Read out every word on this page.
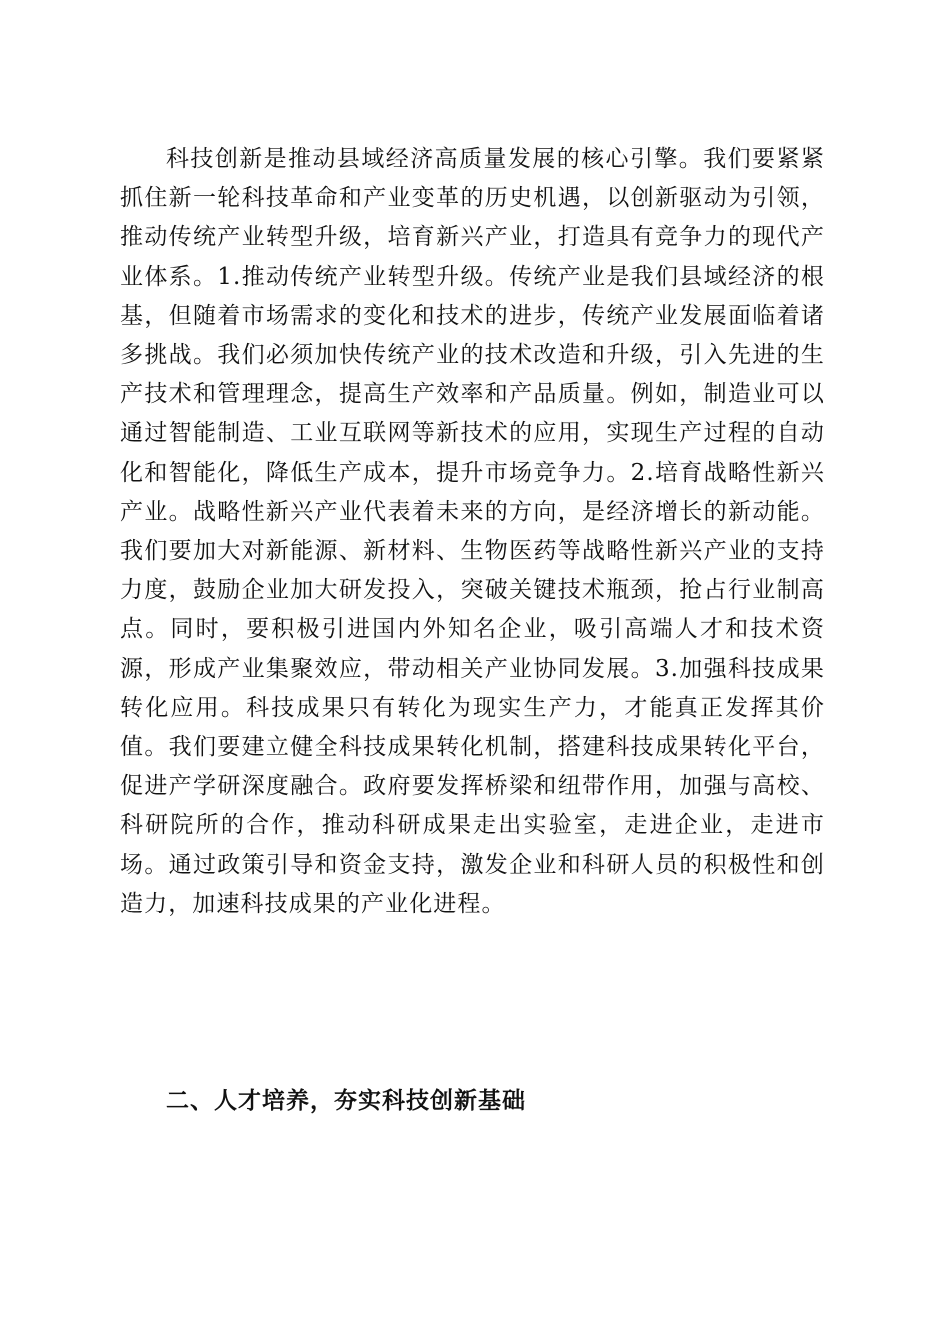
科技创新是推动县域经济高质量发展的核心引擎。我们要紧紧抓住新一轮科技革命和产业变革的历史机遇，以创新驱动为引领，推动传统产业转型升级，培育新兴产业，打造具有竞争力的现代产业体系。1.推动传统产业转型升级。传统产业是我们县域经济的根基，但随着市场需求的变化和技术的进步，传统产业发展面临着诸多挑战。我们必须加快传统产业的技术改造和升级，引入先进的生产技术和管理理念，提高生产效率和产品质量。例如，制造业可以通过智能制造、工业互联网等新技术的应用，实现生产过程的自动化和智能化，降低生产成本，提升市场竞争力。2.培育战略性新兴产业。战略性新兴产业代表着未来的方向，是经济增长的新动能。我们要加大对新能源、新材料、生物医药等战略性新兴产业的支持力度，鼓励企业加大研发投入，突破关键技术瓶颈，抢占行业制高点。同时，要积极引进国内外知名企业，吸引高端人才和技术资源，形成产业集聚效应，带动相关产业协同发展。3.加强科技成果转化应用。科技成果只有转化为现实生产力，才能真正发挥其价值。我们要建立健全科技成果转化机制，搭建科技成果转化平台，促进产学研深度融合。政府要发挥桥梁和纽带作用，加强与高校、科研院所的合作，推动科研成果走出实验室，走进企业，走进市场。通过政策引导和资金支持，激发企业和科研人员的积极性和创造力，加速科技成果的产业化进程。

二、人才培养，夯实科技创新基础
